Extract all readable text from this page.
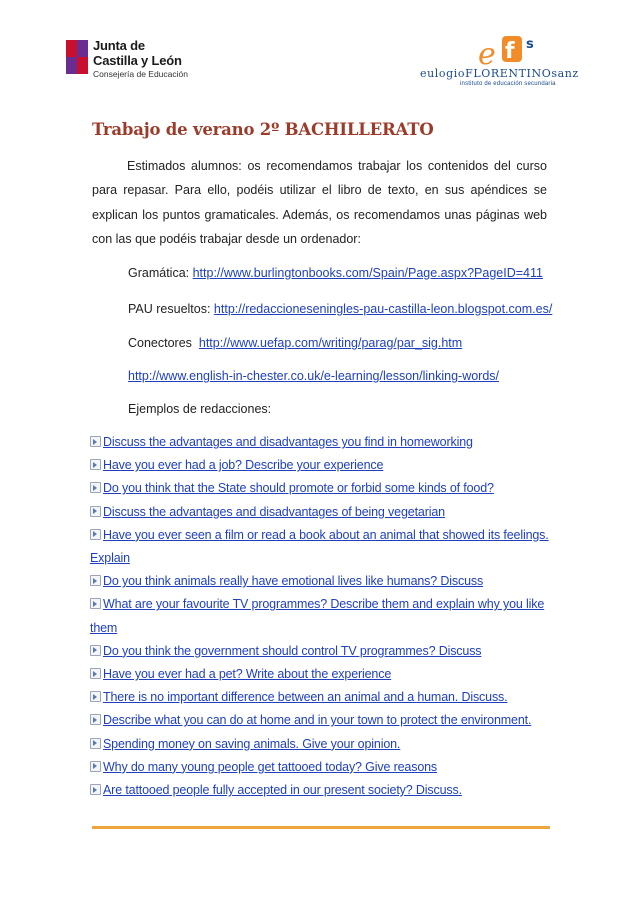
Junta de
Castilla y León
Consejería de Educación
e f s
eulogioFLORENTINOsanz
instituto de educación secundaria
Trabajo de verano 2º BACHILLERATO

Estimados alumnos: os recomendamos trabajar los contenidos del curso para repasar. Para ello, podéis utilizar el libro de texto, en sus apéndices se explican los puntos gramaticales. Además, os recomendamos unas páginas web con las que podéis trabajar desde un ordenador:

Gramática: http://www.burlingtonbooks.com/Spain/Page.aspx?PageID=411
PAU resueltos: http://redaccioneseningles-pau-castilla-leon.blogspot.com.es/
Conectores  http://www.uefap.com/writing/parag/par_sig.htm
http://www.english-in-chester.co.uk/e-learning/lesson/linking-words/
Ejemplos de redacciones:
Discuss the advantages and disadvantages you find in homeworking
Have you ever had a job? Describe your experience
Do you think that the State should promote or forbid some kinds of food?
Discuss the advantages and disadvantages of being vegetarian
Have you ever seen a film or read a book about an animal that showed its feelings. Explain
Do you think animals really have emotional lives like humans? Discuss
What are your favourite TV programmes? Describe them and explain why you like them
Do you think the government should control TV programmes? Discuss
Have you ever had a pet? Write about the experience
There is no important difference between an animal and a human. Discuss.
Describe what you can do at home and in your town to protect the environment.
Spending money on saving animals. Give your opinion.
Why do many young people get tattooed today? Give reasons
Are tattooed people fully accepted in our present society? Discuss.
